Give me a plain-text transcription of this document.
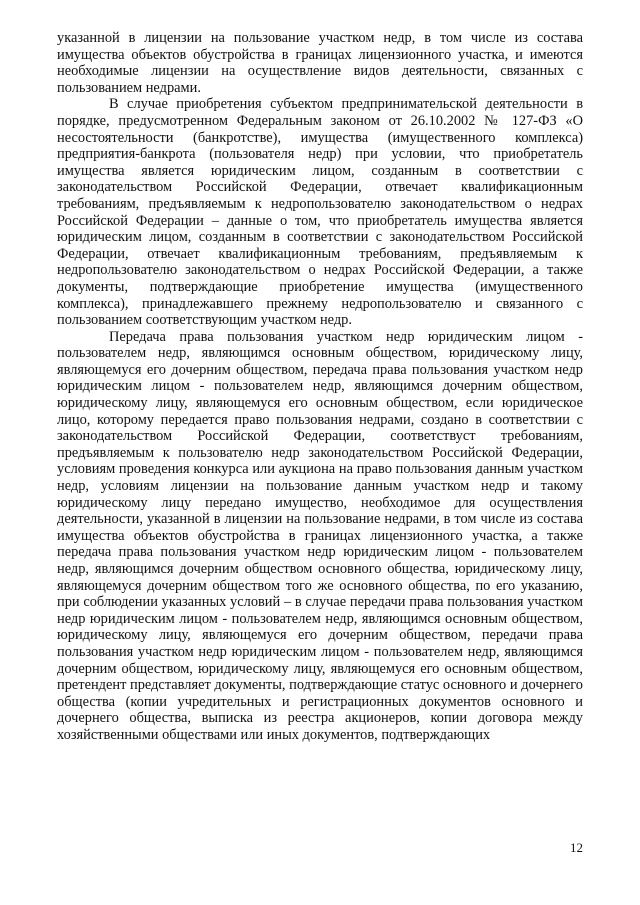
указанной в лицензии на пользование участком недр, в том числе из состава имущества объектов обустройства в границах лицензионного участка, и имеются необходимые лицензии на осуществление видов деятельности, связанных с пользованием недрами.

В случае приобретения субъектом предпринимательской деятельности в порядке, предусмотренном Федеральным законом от 26.10.2002 № 127-ФЗ «О несостоятельности (банкротстве), имущества (имущественного комплекса) предприятия-банкрота (пользователя недр) при условии, что приобретатель имущества является юридическим лицом, созданным в соответствии с законодательством Российской Федерации, отвечает квалификационным требованиям, предъявляемым к недропользователю законодательством о недрах Российской Федерации – данные о том, что приобретатель имущества является юридическим лицом, созданным в соответствии с законодательством Российской Федерации, отвечает квалификационным требованиям, предъявляемым к недропользователю законодательством о недрах Российской Федерации, а также документы, подтверждающие приобретение имущества (имущественного комплекса), принадлежавшего прежнему недропользователю и связанного с пользованием соответствующим участком недр.

Передача права пользования участком недр юридическим лицом - пользователем недр, являющимся основным обществом, юридическому лицу, являющемуся его дочерним обществом, передача права пользования участком недр юридическим лицом - пользователем недр, являющимся дочерним обществом, юридическому лицу, являющемуся его основным обществом, если юридическое лицо, которому передается право пользования недрами, создано в соответствии с законодательством Российской Федерации, соответствуст требованиям, предъявляемым к пользователю недр законодательством Российской Федерации, условиям проведения конкурса или аукциона на право пользования данным участком недр, условиям лицензии на пользование данным участком недр и такому юридическому лицу передано имущество, необходимое для осуществления деятельности, указанной в лицензии на пользование недрами, в том числе из состава имущества объектов обустройства в границах лицензионного участка, а также передача права пользования участком недр юридическим лицом - пользователем недр, являющимся дочерним обществом основного общества, юридическому лицу, являющемуся дочерним обществом того же основного общества, по его указанию, при соблюдении указанных условий – в случае передачи права пользования участком недр юридическим лицом - пользователем недр, являющимся основным обществом, юридическому лицу, являющемуся его дочерним обществом, передачи права пользования участком недр юридическим лицом - пользователем недр, являющимся дочерним обществом, юридическому лицу, являющемуся его основным обществом, претендент представляет документы, подтверждающие статус основного и дочернего общества (копии учредительных и регистрационных документов основного и дочернего общества, выписка из реестра акционеров, копии договора между хозяйственными обществами или иных документов, подтверждающих

12
